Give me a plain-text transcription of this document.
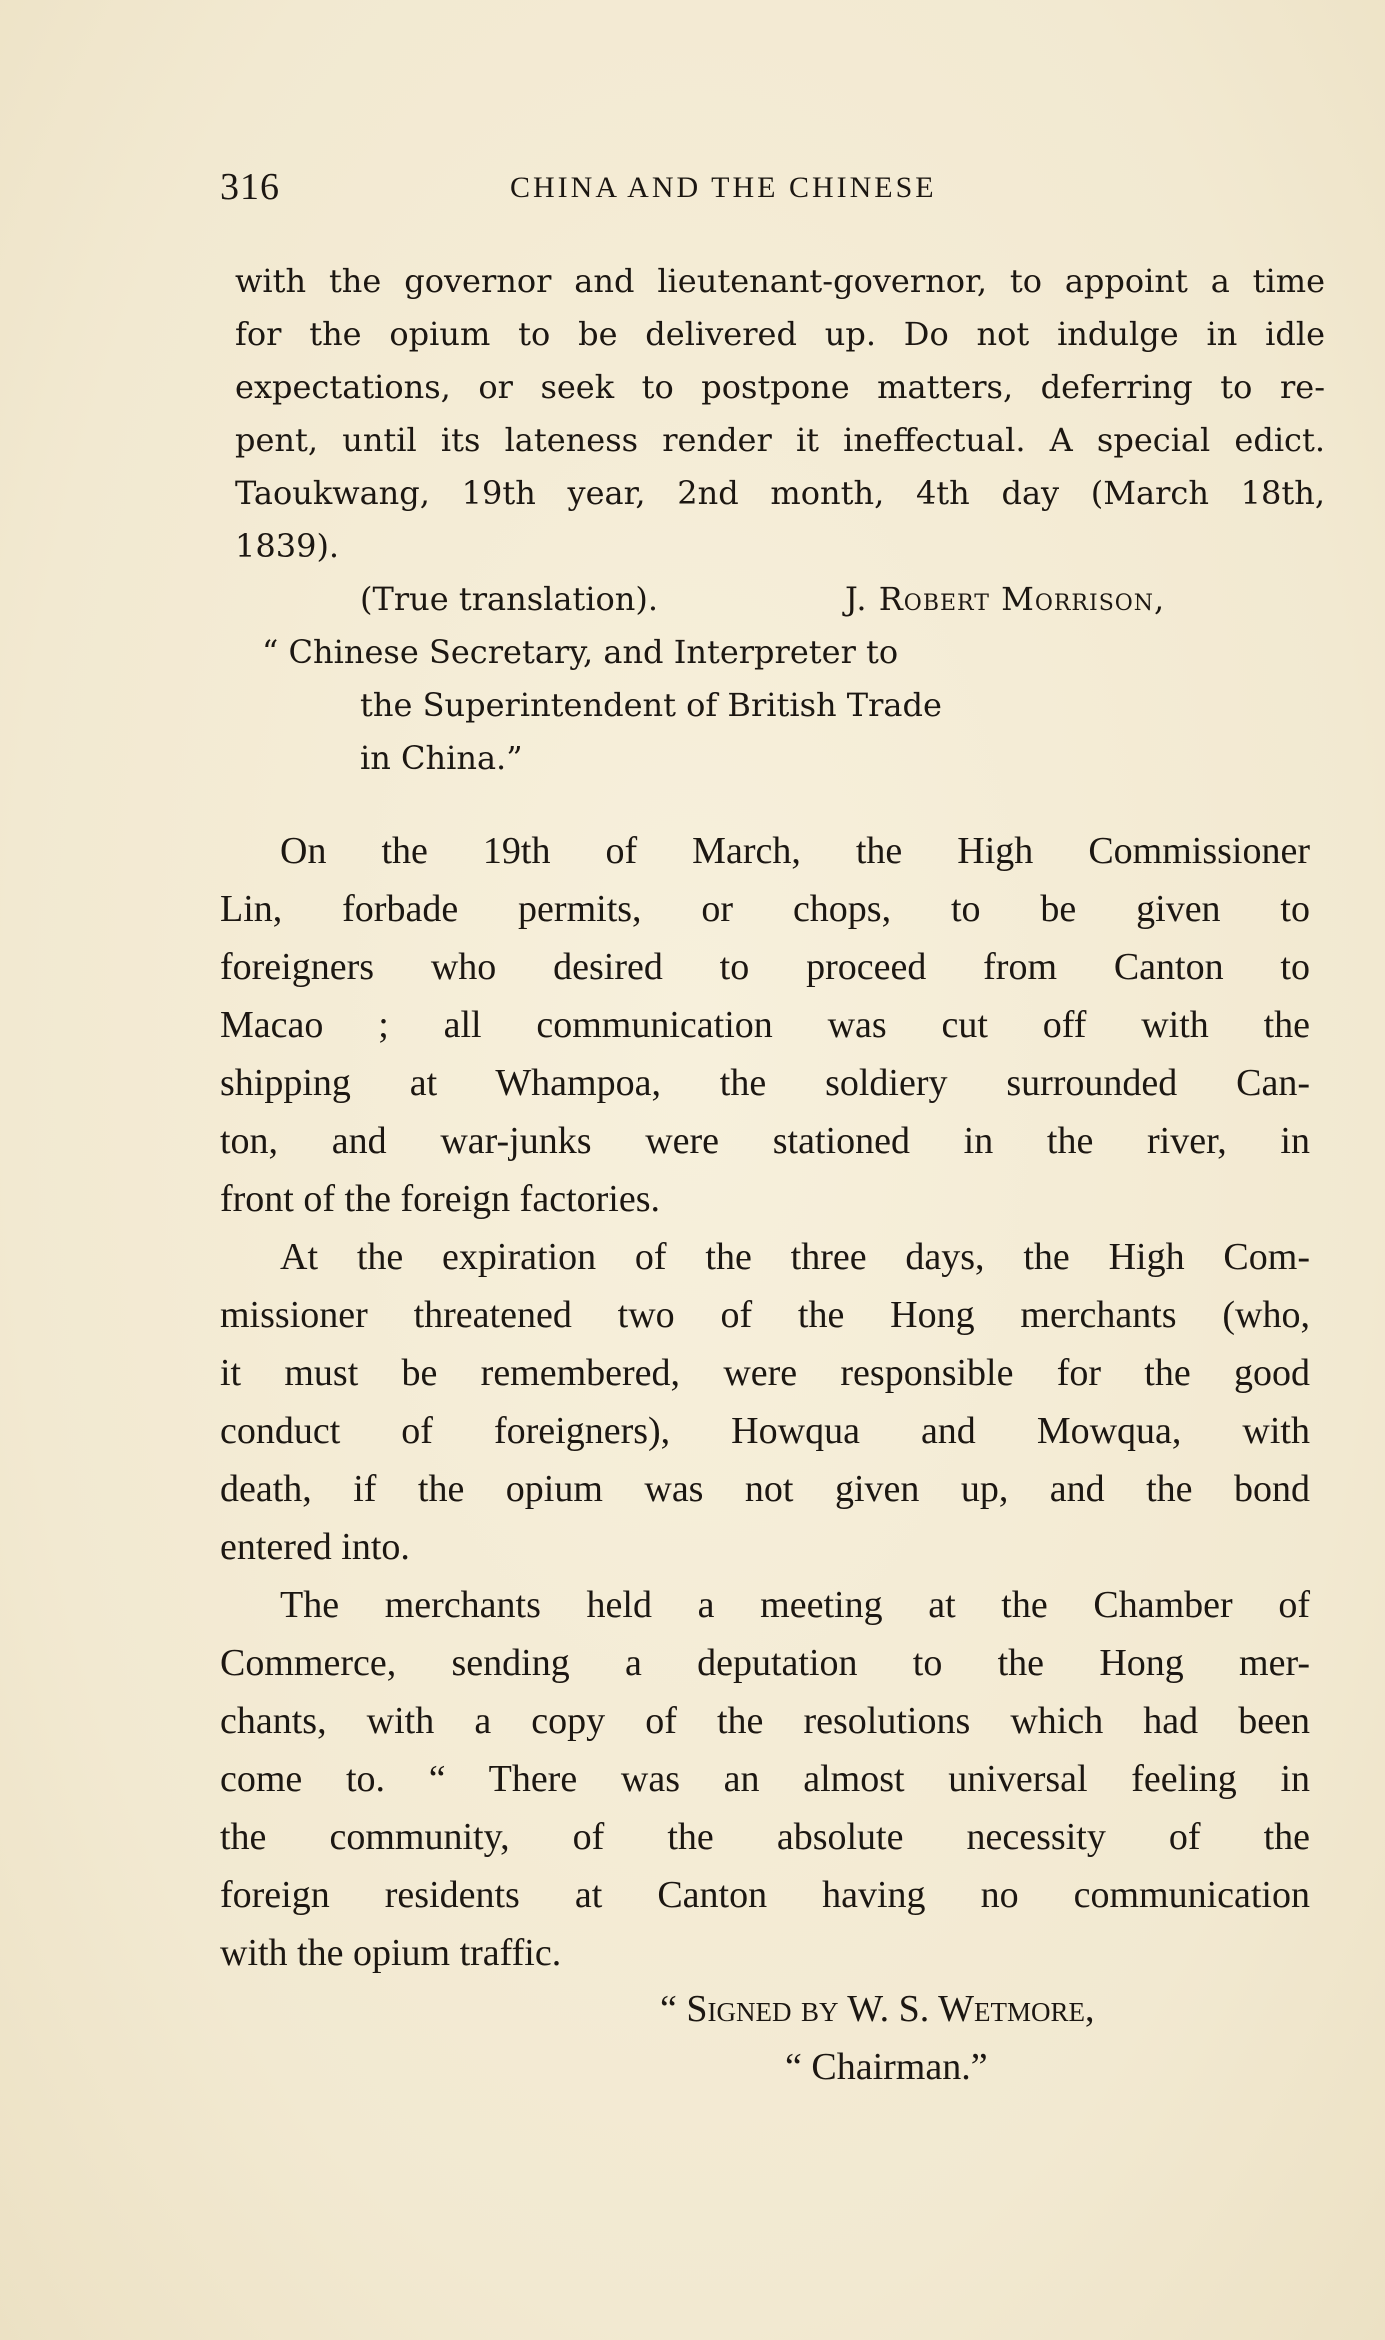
316	CHINA AND THE CHINESE
with the governor and lieutenant-governor, to appoint a time
for the opium to be delivered up. Do not indulge in idle
expectations, or seek to postpone matters, deferring to re-
pent, until its lateness render it ineffectual. A special edict.
Taoukwang, 19th year, 2nd month, 4th day (March 18th,
1839).
(True translation).	J. Robert Morrison,
“ Chinese Secretary, and Interpreter to
the Superintendent of British Trade
in China.”
On the 19th of March, the High Commissioner
Lin, forbade permits, or chops, to be given to
foreigners who desired to proceed from Canton to
Macao ; all communication was cut off with the
shipping at Whampoa, the soldiery surrounded Can-
ton, and war-junks were stationed in the river, in
front of the foreign factories.
At the expiration of the three days, the High Com-
missioner threatened two of the Hong merchants (who,
it must be remembered, were responsible for the good
conduct of foreigners), Howqua and Mowqua, with
death, if the opium was not given up, and the bond
entered into.
The merchants held a meeting at the Chamber of
Commerce, sending a deputation to the Hong mer-
chants, with a copy of the resolutions which had been
come to. “ There was an almost universal feeling in
the community, of the absolute necessity of the
foreign residents at Canton having no communication
with the opium traffic.
“ Signed by W. S. Wetmore,
“ Chairman.”
